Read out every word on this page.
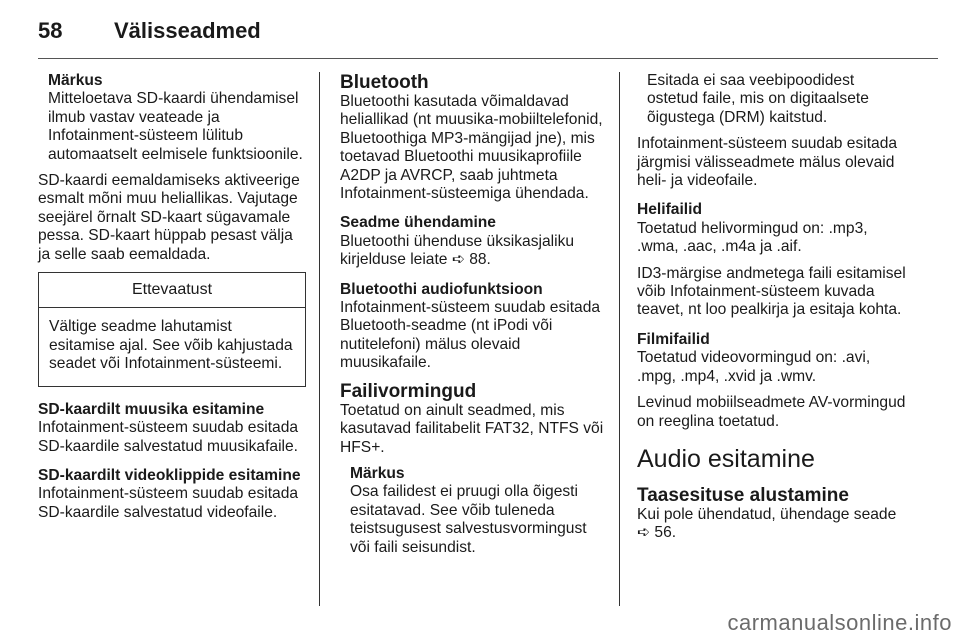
58 Välisseadmed
Märkus
Mitteloetava SD-kaardi ühendamisel ilmub vastav veateade ja Infotainment-süsteem lülitub automaatselt eelmisele funktsioonile.

SD-kaardi eemaldamiseks aktiveerige esmalt mõni muu heliallikas. Vajutage seejärel õrnalt SD-kaart sügavamale pessa. SD-kaart hüppab pesast välja ja selle saab eemaldada.

Ettevaatust
Vältige seadme lahutamist esitamise ajal. See võib kahjustada seadet või Infotainment-süsteemi.
SD-kaardilt muusika esitamine

Infotainment-süsteem suudab esitada SD-kaardile salvestatud muusikafaile.

SD-kaardilt videoklippide esitamine

Infotainment-süsteem suudab esitada SD-kaardile salvestatud videofaile.

Bluetooth

Bluetoothi kasutada võimaldavad heliallikad (nt muusika-mobiiltelefonid, Bluetoothiga MP3-mängijad jne), mis toetavad Bluetoothi muusikaprofiile A2DP ja AVRCP, saab juhtmeta Infotainment-süsteemiga ühendada.

Seadme ühendamine

Bluetoothi ühenduse üksikasjaliku kirjelduse leiate ➪ 88.

Bluetoothi audiofunktsioon

Infotainment-süsteem suudab esitada Bluetooth-seadme (nt iPodi või nutitelefoni) mälus olevaid muusikafaile.

Failivormingud

Toetatud on ainult seadmed, mis kasutavad failitabelit FAT32, NTFS või HFS+.

Märkus
Osa failidest ei pruugi olla õigesti esitatavad. See võib tuleneda teistsugusest salvestusvormingust või faili seisundist.
Esitada ei saa veebipoodidest ostetud faile, mis on digitaalsete õigustega (DRM) kaitstud.

Infotainment-süsteem suudab esitada järgmisi välisseadmete mälus olevaid heli- ja videofaile.

Helifailid

Toetatud helivormingud on: .mp3, .wma, .aac, .m4a ja .aif.

ID3-märgise andmetega faili esitamisel võib Infotainment-süsteem kuvada teavet, nt loo pealkirja ja esitaja kohta.

Filmifailid

Toetatud videovormingud on: .avi, .mpg, .mp4, .xvid ja .wmv.

Levinud mobiilseadmete AV-vormingud on reeglina toetatud.

Audio esitamine
Taasesituse alustamine

Kui pole ühendatud, ühendage seade ➪ 56.

carmanualsonline.info
